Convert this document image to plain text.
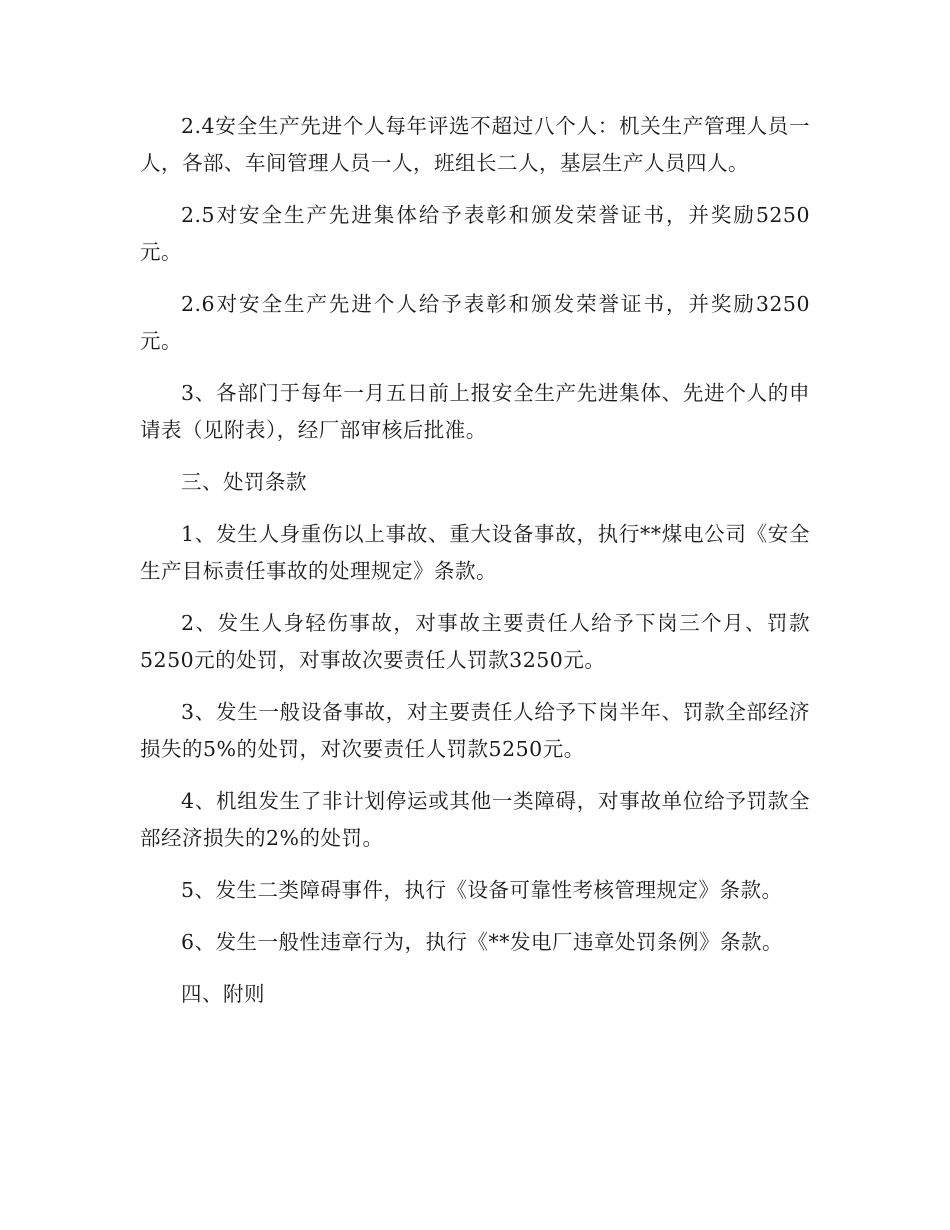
2.4安全生产先进个人每年评选不超过八个人：机关生产管理人员一人，各部、车间管理人员一人，班组长二人，基层生产人员四人。

2.5对安全生产先进集体给予表彰和颁发荣誉证书，并奖励5250元。

2.6对安全生产先进个人给予表彰和颁发荣誉证书，并奖励3250元。

3、各部门于每年一月五日前上报安全生产先进集体、先进个人的申请表（见附表），经厂部审核后批准。

三、处罚条款

1、发生人身重伤以上事故、重大设备事故，执行**煤电公司《安全生产目标责任事故的处理规定》条款。

2、发生人身轻伤事故，对事故主要责任人给予下岗三个月、罚款5250元的处罚，对事故次要责任人罚款3250元。

3、发生一般设备事故，对主要责任人给予下岗半年、罚款全部经济损失的5%的处罚，对次要责任人罚款5250元。

4、机组发生了非计划停运或其他一类障碍，对事故单位给予罚款全部经济损失的2%的处罚。

5、发生二类障碍事件，执行《设备可靠性考核管理规定》条款。

6、发生一般性违章行为，执行《**发电厂违章处罚条例》条款。

四、附则
